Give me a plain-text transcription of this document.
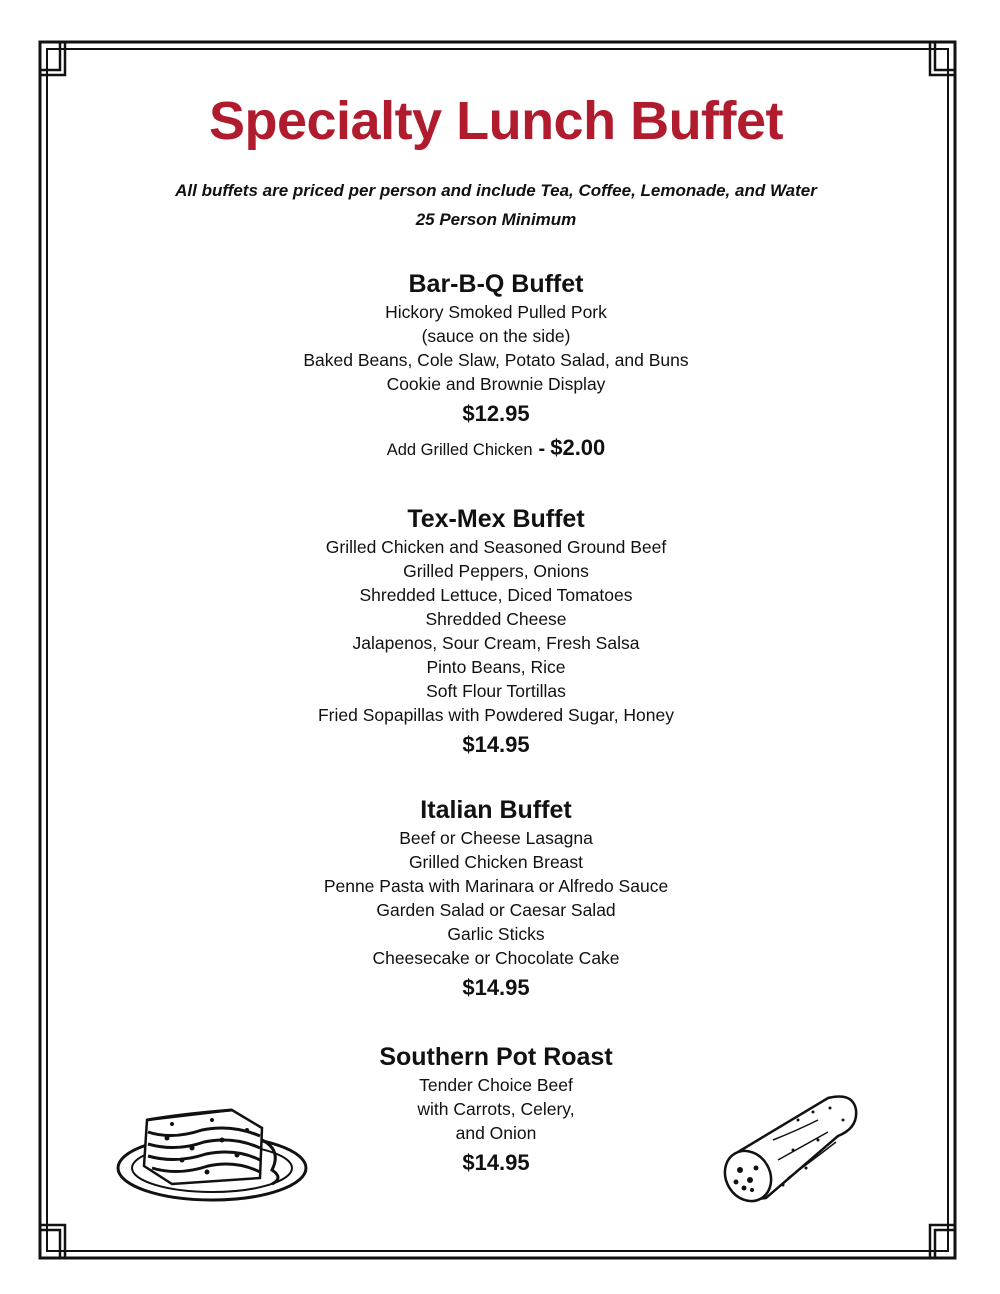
Specialty Lunch Buffet
All buffets are priced per person and include Tea, Coffee, Lemonade, and Water
25 Person Minimum
Bar-B-Q Buffet
Hickory Smoked Pulled Pork
(sauce on the side)
Baked Beans, Cole Slaw, Potato Salad, and Buns
Cookie and Brownie Display
$12.95
Add Grilled Chicken - $2.00
Tex-Mex Buffet
Grilled Chicken and Seasoned Ground Beef
Grilled Peppers, Onions
Shredded Lettuce, Diced Tomatoes
Shredded Cheese
Jalapenos, Sour Cream, Fresh Salsa
Pinto Beans, Rice
Soft Flour Tortillas
Fried Sopapillas with Powdered Sugar, Honey
$14.95
Italian Buffet
Beef or Cheese Lasagna
Grilled Chicken Breast
Penne Pasta with Marinara or Alfredo Sauce
Garden Salad or Caesar Salad
Garlic Sticks
Cheesecake or Chocolate Cake
$14.95
Southern Pot Roast
Tender Choice Beef
with Carrots, Celery,
and Onion
$14.95
